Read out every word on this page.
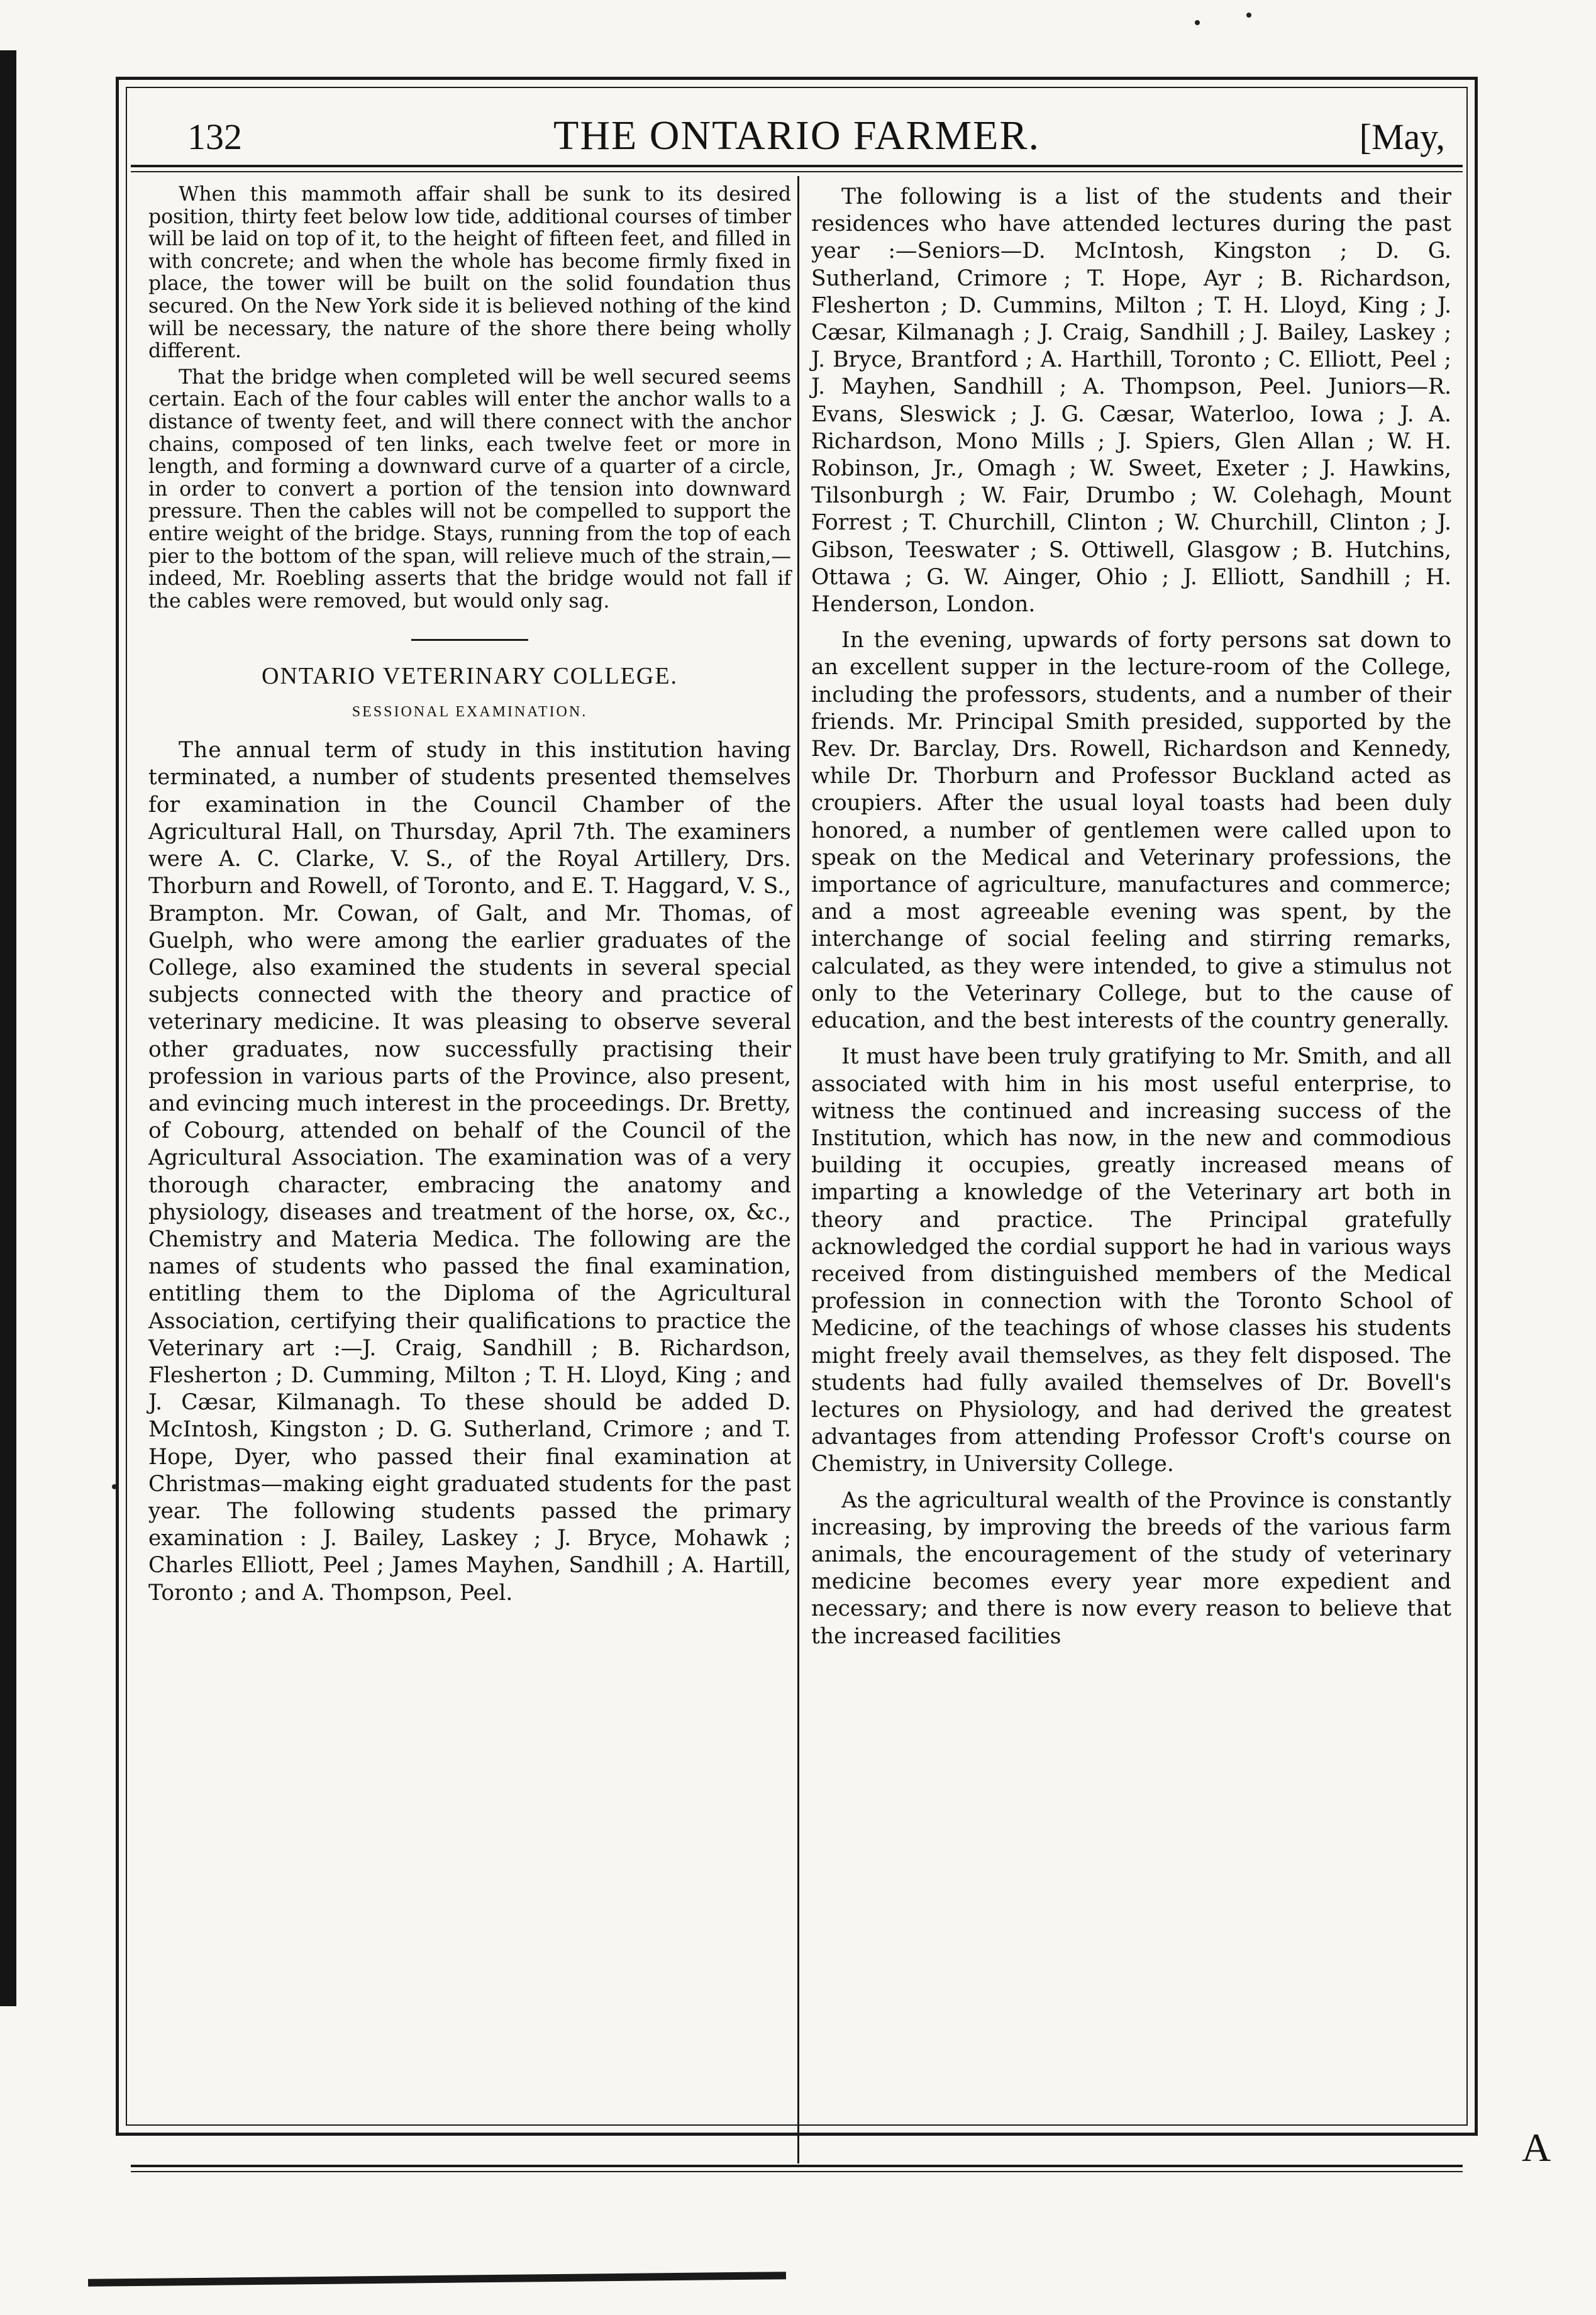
132	THE ONTARIO FARMER.	[May,

When this mammoth affair shall be sunk to its desired position, thirty feet below low tide, additional courses of timber will be laid on top of it, to the height of fifteen feet, and filled in with concrete; and when the whole has become firmly fixed in place, the tower will be built on the solid foundation thus secured. On the New York side it is believed nothing of the kind will be necessary, the nature of the shore there being wholly different.

That the bridge when completed will be well secured seems certain. Each of the four cables will enter the anchor walls to a distance of twenty feet, and will there connect with the anchor chains, composed of ten links, each twelve feet or more in length, and forming a downward curve of a quarter of a circle, in order to convert a portion of the tension into downward pressure. Then the cables will not be compelled to support the entire weight of the bridge. Stays, running from the top of each pier to the bottom of the span, will relieve much of the strain,—indeed, Mr. Roebling asserts that the bridge would not fall if the cables were removed, but would only sag.

ONTARIO VETERINARY COLLEGE.
SESSIONAL EXAMINATION.

The annual term of study in this institution having terminated, a number of students presented themselves for examination in the Council Chamber of the Agricultural Hall, on Thursday, April 7th. The examiners were A. C. Clarke, V. S., of the Royal Artillery, Drs. Thorburn and Rowell, of Toronto, and E. T. Haggard, V. S., Brampton. Mr. Cowan, of Galt, and Mr. Thomas, of Guelph, who were among the earlier graduates of the College, also examined the students in several special subjects connected with the theory and practice of veterinary medicine. It was pleasing to observe several other graduates, now successfully practising their profession in various parts of the Province, also present, and evincing much interest in the proceedings. Dr. Bretty, of Cobourg, attended on behalf of the Council of the Agricultural Association. The examination was of a very thorough character, embracing the anatomy and physiology, diseases and treatment of the horse, ox, &c., Chemistry and Materia Medica. The following are the names of students who passed the final examination, entitling them to the Diploma of the Agricultural Association, certifying their qualifications to practice the Veterinary art :—J. Craig, Sandhill ; B. Richardson, Flesherton ; D. Cumming, Milton ; T. H. Lloyd, King ; and J. Cæsar, Kilmanagh. To these should be added D. McIntosh, Kingston ; D. G. Sutherland, Crimore ; and T. Hope, Dyer, who passed their final examination at Christmas—making eight graduated students for the past year. The following students passed the primary examination : J. Bailey, Laskey ; J. Bryce, Mohawk ; Charles Elliott, Peel ; James Mayhen, Sandhill ; A. Hartill, Toronto ; and A. Thompson, Peel.

The following is a list of the students and their residences who have attended lectures during the past year :—Seniors—D. McIntosh, Kingston ; D. G. Sutherland, Crimore ; T. Hope, Ayr ; B. Richardson, Flesherton ; D. Cummins, Milton ; T. H. Lloyd, King ; J. Cæsar, Kilmanagh ; J. Craig, Sandhill ; J. Bailey, Laskey ; J. Bryce, Brantford ; A. Harthill, Toronto ; C. Elliott, Peel ; J. Mayhen, Sandhill ; A. Thompson, Peel. Juniors—R. Evans, Sleswick ; J. G. Cæsar, Waterloo, Iowa ; J. A. Richardson, Mono Mills ; J. Spiers, Glen Allan ; W. H. Robinson, Jr., Omagh ; W. Sweet, Exeter ; J. Hawkins, Tilsonburgh ; W. Fair, Drumbo ; W. Colehagh, Mount Forrest ; T. Churchill, Clinton ; W. Churchill, Clinton ; J. Gibson, Teeswater ; S. Ottiwell, Glasgow ; B. Hutchins, Ottawa ; G. W. Ainger, Ohio ; J. Elliott, Sandhill ; H. Henderson, London.

In the evening, upwards of forty persons sat down to an excellent supper in the lecture-room of the College, including the professors, students, and a number of their friends. Mr. Principal Smith presided, supported by the Rev. Dr. Barclay, Drs. Rowell, Richardson and Kennedy, while Dr. Thorburn and Professor Buckland acted as croupiers. After the usual loyal toasts had been duly honored, a number of gentlemen were called upon to speak on the Medical and Veterinary professions, the importance of agriculture, manufactures and commerce; and a most agreeable evening was spent, by the interchange of social feeling and stirring remarks, calculated, as they were intended, to give a stimulus not only to the Veterinary College, but to the cause of education, and the best interests of the country generally.

It must have been truly gratifying to Mr. Smith, and all associated with him in his most useful enterprise, to witness the continued and increasing success of the Institution, which has now, in the new and commodious building it occupies, greatly increased means of imparting a knowledge of the Veterinary art both in theory and practice. The Principal gratefully acknowledged the cordial support he had in various ways received from distinguished members of the Medical profession in connection with the Toronto School of Medicine, of the teachings of whose classes his students might freely avail themselves, as they felt disposed. The students had fully availed themselves of Dr. Bovell's lectures on Physiology, and had derived the greatest advantages from attending Professor Croft's course on Chemistry, in University College.

As the agricultural wealth of the Province is constantly increasing, by improving the breeds of the various farm animals, the encouragement of the study of veterinary medicine becomes every year more expedient and necessary; and there is now every reason to believe that the increased facilities

A
